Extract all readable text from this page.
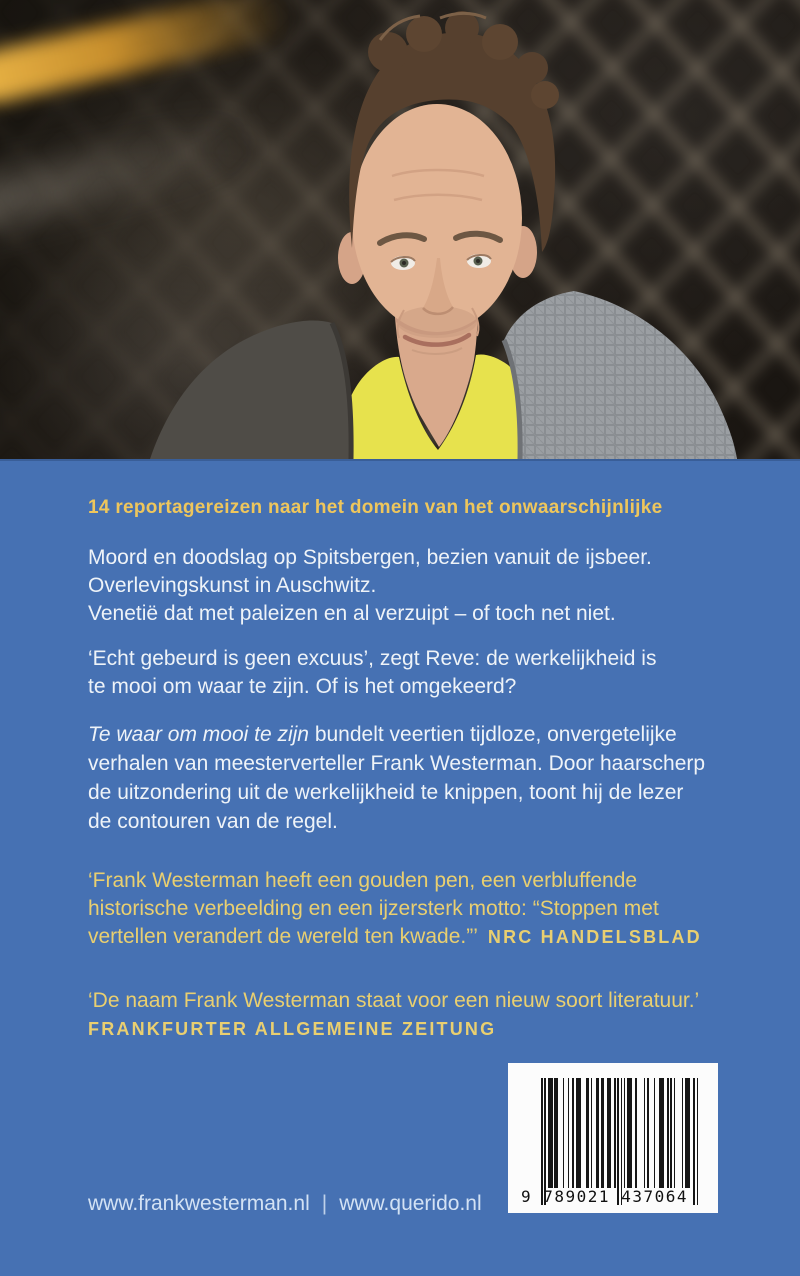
14 reportagereizen naar het domein van het onwaarschijnlijke
Moord en doodslag op Spitsbergen, bezien vanuit de ijsbeer.
Overlevingskunst in Auschwitz.
Venetië dat met paleizen en al verzuipt – of toch net niet.
‘Echt gebeurd is geen excuus’, zegt Reve: de werkelijkheid is
te mooi om waar te zijn. Of is het omgekeerd?
Te waar om mooi te zijn bundelt veertien tijdloze, onvergetelijke
verhalen van meesterverteller Frank Westerman. Door haarscherp
de uitzondering uit de werkelijkheid te knippen, toont hij de lezer
de contouren van de regel.
‘Frank Westerman heeft een gouden pen, een verbluffende
historische verbeelding en een ijzersterk motto: “Stoppen met
vertellen verandert de wereld ten kwade.”’ NRC HANDELSBLAD
‘De naam Frank Westerman staat voor een nieuw soort literatuur.’
FRANKFURTER ALLGEMEINE ZEITUNG
9 789021 437064
www.frankwesterman.nl | www.querido.nl
